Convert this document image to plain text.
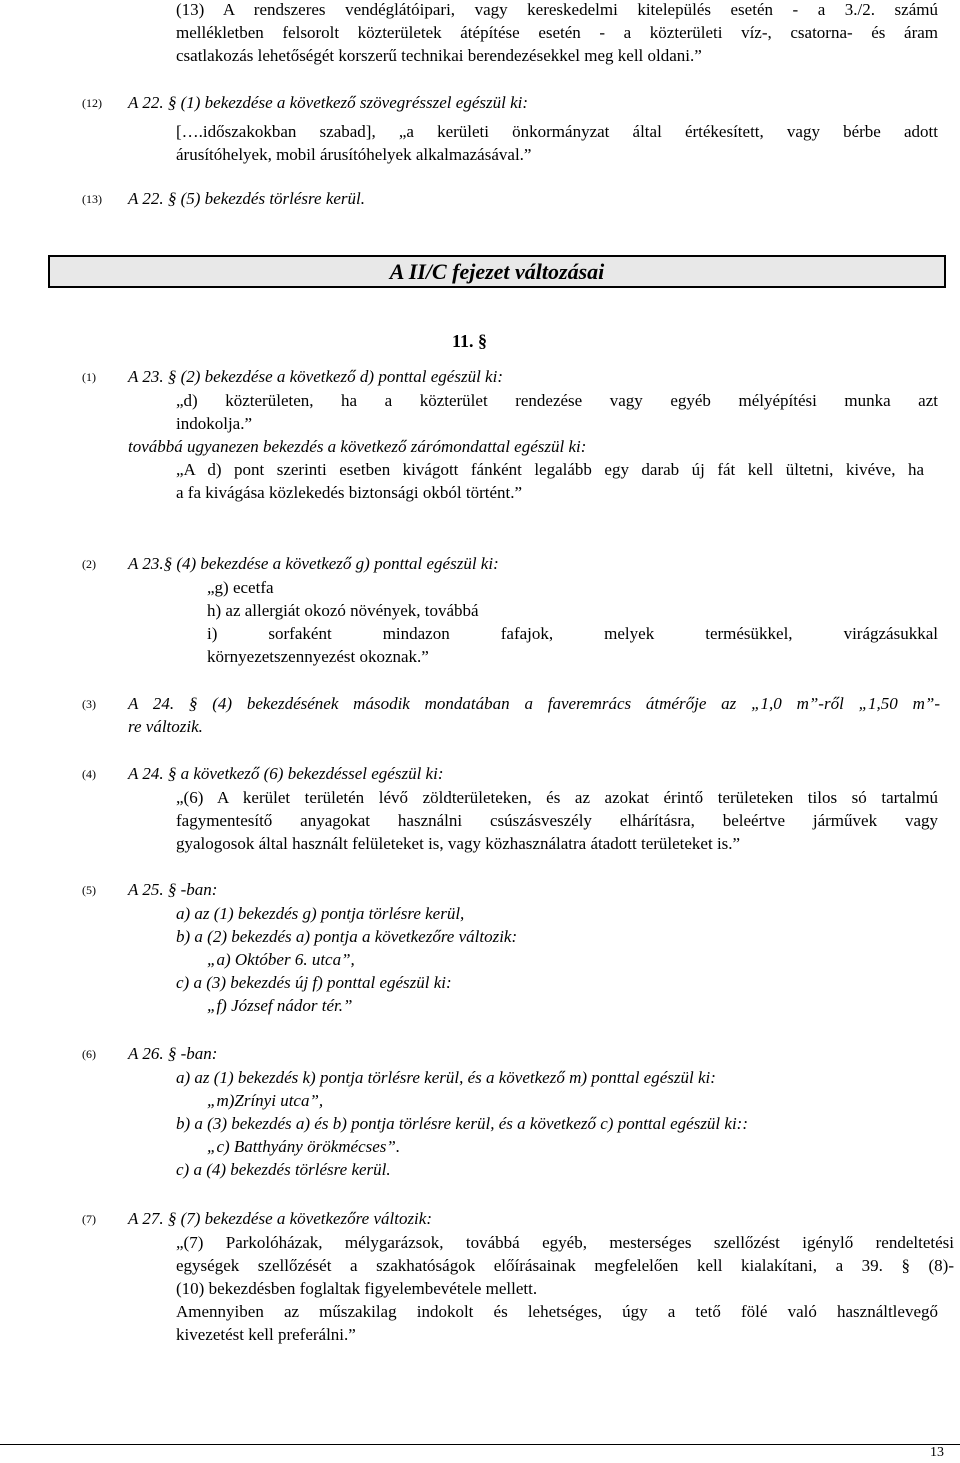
(13) A rendszeres vendéglátóipari, vagy kereskedelmi kitelepülés esetén - a 3./2. számú
mellékletben felsorolt közterületek átépítése esetén - a közterületi víz-, csatorna- és áram
csatlakozás lehetőségét korszerű technikai berendezésekkel meg kell oldani.”
(12) A 22. § (1) bekezdése a következő szövegrésszel egészül ki:
[….időszakokban szabad], „a kerületi önkormányzat által értékesített, vagy bérbe adott
árusítóhelyek, mobil árusítóhelyek alkalmazásával.”
(13) A 22. § (5) bekezdés törlésre kerül.
A II/C fejezet változásai
11. §
(1) A 23. § (2) bekezdése a következő d) ponttal egészül ki:
„d) közterületen, ha a közterület rendezése vagy egyéb mélyépítési munka azt
indokolja.”
továbbá ugyanezen bekezdés a következő zárómondattal egészül ki:
„A d) pont szerinti esetben kivágott fánként legalább egy darab új fát kell ültetni, kivéve, ha
a fa kivágása közlekedés biztonsági okból történt.”
(2) A 23.§ (4) bekezdése a következő g) ponttal egészül ki:
„g) ecetfa
h) az allergiát okozó növények, továbbá
i) sorfaként mindazon fafajok, melyek termésükkel, virágzásukkal
környezetszennyezést okoznak.”
(3) A 24. § (4) bekezdésének második mondatában a faveremrács átmérője az „1,0 m”-ről „1,50 m”-
re változik.
(4) A 24. § a következő (6) bekezdéssel egészül ki:
„(6) A kerület területén lévő zöldterületeken, és az azokat érintő területeken tilos só tartalmú
fagymentesítő anyagokat használni csúszásveszély elhárításra, beleértve járművek vagy
gyalogosok által használt felületeket is, vagy közhasználatra átadott területeket is.”
(5) A 25. § -ban:
a) az (1) bekezdés g) pontja törlésre kerül,
b) a (2) bekezdés a) pontja a következőre változik:
„a) Október 6. utca”,
c) a (3) bekezdés új f) ponttal egészül ki:
„f) József nádor tér.”
(6) A 26. § -ban:
a) az (1) bekezdés k) pontja törlésre kerül, és a következő m) ponttal egészül ki:
„m)Zrínyi utca”,
b) a (3) bekezdés a) és b) pontja törlésre kerül, és a következő c) ponttal egészül ki::
„c) Batthyány örökmécses”.
c) a (4) bekezdés törlésre kerül.
(7) A 27. § (7) bekezdése a következőre változik:
„(7) Parkolóházak, mélygarázsok, továbbá egyéb, mesterséges szellőzést igénylő rendeltetési
egységek szellőzését a szakhatóságok előírásainak megfelelően kell kialakítani, a 39. § (8)-
(10) bekezdésben foglaltak figyelembevétele mellett.
Amennyiben az műszakilag indokolt és lehetséges, úgy a tető fölé való használtlevegő
kivezetést kell preferálni.”
13
